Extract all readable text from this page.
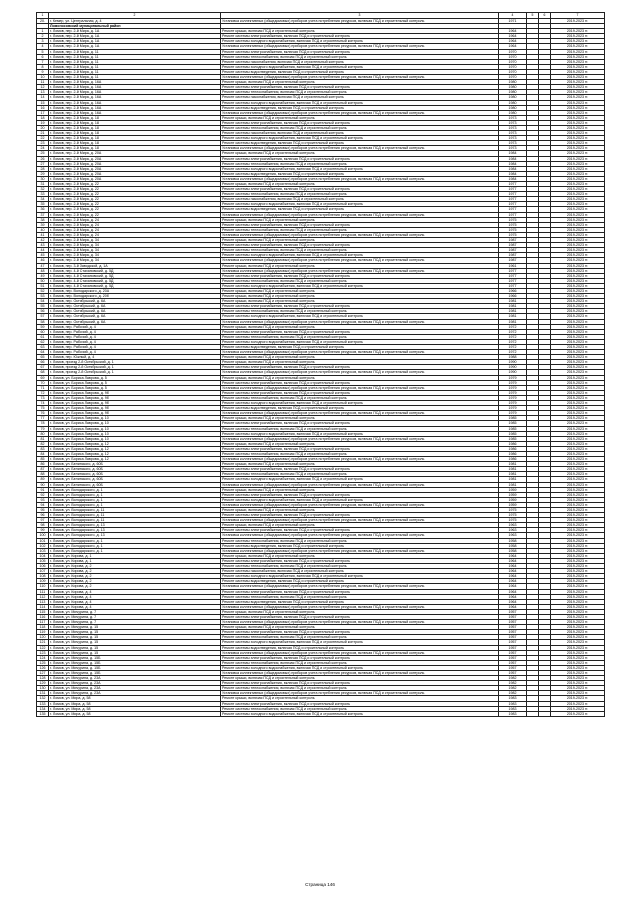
1	2	3	4	5	6	7
20.	г. Кемер, ул. Центральная, д. 4	Установка коллективных (общедомовых) приборов учета потребления ресурсов, включая ПСД и строительный контроль	1971			2019-2023 гг.
	Ломоносовский муниципальный район					
1	г. Ломов, пер. 2-й Мира, д. 1А	Ремонт крыши, включая ПСД и строительный контроль	1964			2019-2023 гг.
2	г. Ломов, пер. 2-й Мира, д. 1А	Ремонт системы электроснабжения, включая ПСД и строительный контроль	1964			2019-2023 гг.
3	г. Ломов, пер. 2-й Мира, д. 1А	Ремонт системы холодного водоснабжения, включая ПСД и строительный контроль	1964			2019-2023 гг.
4	г. Ломов, пер. 2-й Мира, д. 1А	Установка коллективных (общедомовых) приборов учета потребления ресурсов, включая ПСД и строительный контроль	1964			2019-2023 гг.
5	г. Ломов, пер. 2-й Мира, д. 11	Ремонт системы электроснабжения, включая ПСД и строительный контроль	1970			2019-2023 гг.
6	г. Ломов, пер. 2-й Мира, д. 11	Ремонт системы теплоснабжения, включая ПСД и строительный контроль	1970			2019-2023 гг.
7	г. Ломов, пер. 2-й Мира, д. 11	Ремонт системы газоснабжения, включая ПСД и строительный контроль	1970			2019-2023 гг.
8	г. Ломов, пер. 2-й Мира, д. 11	Ремонт системы холодного водоснабжения, включая ПСД и строительный контроль	1970			2019-2023 гг.
9	г. Ломов, пер. 2-й Мира, д. 11	Ремонт системы водоотведения, включая ПСД и строительный контроль	1970			2019-2023 гг.
10	г. Ломов, пер. 2-й Мира, д. 11	Установка коллективных (общедомовых) приборов учета потребления ресурсов, включая ПСД и строительный контроль	1970			2019-2023 гг.
11	г. Ломов, пер. 2-й Мира, д. 16А	Ремонт крыши, включая ПСД и строительный контроль	1980			2019-2023 гг.
12	г. Ломов, пер. 2-й Мира, д. 16А	Ремонт системы электроснабжения, включая ПСД и строительный контроль	1980			2019-2023 гг.
13	г. Ломов, пер. 2-й Мира, д. 16А	Ремонт системы теплоснабжения, включая ПСД и строительный контроль	1980			2019-2023 гг.
14	г. Ломов, пер. 2-й Мира, д. 16А	Ремонт системы газоснабжения, включая ПСД и строительный контроль	1980			2019-2023 гг.
15	г. Ломов, пер. 2-й Мира, д. 16А	Ремонт системы холодного водоснабжения, включая ПСД и строительный контроль	1980			2019-2023 гг.
16	г. Ломов, пер. 2-й Мира, д. 16А	Ремонт системы водоотведения, включая ПСД и строительный контроль	1980			2019-2023 гг.
17	г. Ломов, пер. 2-й Мира, д. 16А	Установка коллективных (общедомовых) приборов учета потребления ресурсов, включая ПСД и строительный контроль	1980			2019-2023 гг.
18	г. Ломов, пер. 2-й Мира, д. 18	Ремонт крыши, включая ПСД и строительный контроль	1973			2019-2023 гг.
19	г. Ломов, пер. 2-й Мира, д. 18	Ремонт системы электроснабжения, включая ПСД и строительный контроль	1973			2019-2023 гг.
20	г. Ломов, пер. 2-й Мира, д. 18	Ремонт системы теплоснабжения, включая ПСД и строительный контроль	1973			2019-2023 гг.
21	г. Ломов, пер. 2-й Мира, д. 18	Ремонт системы газоснабжения, включая ПСД и строительный контроль	1973			2019-2023 гг.
22	г. Ломов, пер. 2-й Мира, д. 18	Ремонт системы холодного водоснабжения, включая ПСД и строительный контроль	1973			2019-2023 гг.
23	г. Ломов, пер. 2-й Мира, д. 18	Ремонт системы водоотведения, включая ПСД и строительный контроль	1973			2019-2023 гг.
24	г. Ломов, пер. 2-й Мира, д. 18	Установка коллективных (общедомовых) приборов учета потребления ресурсов, включая ПСД и строительный контроль	1973			2019-2023 гг.
25	г. Ломов, пер. 2-й Мира, д. 20А	Ремонт крыши, включая ПСД и строительный контроль	1984			2019-2023 гг.
26	г. Ломов, пер. 2-й Мира, д. 20А	Ремонт системы электроснабжения, включая ПСД и строительный контроль	1984			2019-2023 гг.
27	г. Ломов, пер. 2-й Мира, д. 20А	Ремонт системы теплоснабжения, включая ПСД и строительный контроль	1984			2019-2023 гг.
28	г. Ломов, пер. 2-й Мира, д. 20А	Ремонт системы холодного водоснабжения, включая ПСД и строительный контроль	1984			2019-2023 гг.
29	г. Ломов, пер. 2-й Мира, д. 20А	Ремонт системы водоотведения, включая ПСД и строительный контроль	1984			2019-2023 гг.
30	г. Ломов, пер. 2-й Мира, д. 20А	Установка коллективных (общедомовых) приборов учета потребления ресурсов, включая ПСД и строительный контроль	1984			2019-2023 гг.
31	г. Ломов, пер. 2-й Мира, д. 22	Ремонт крыши, включая ПСД и строительный контроль	1977			2019-2023 гг.
32	г. Ломов, пер. 2-й Мира, д. 22	Ремонт системы электроснабжения, включая ПСД и строительный контроль	1977			2019-2023 гг.
33	г. Ломов, пер. 2-й Мира, д. 22	Ремонт системы теплоснабжения, включая ПСД и строительный контроль	1977			2019-2023 гг.
34	г. Ломов, пер. 2-й Мира, д. 22	Ремонт системы газоснабжения, включая ПСД и строительный контроль	1977			2019-2023 гг.
35	г. Ломов, пер. 2-й Мира, д. 22	Ремонт системы холодного водоснабжения, включая ПСД и строительный контроль	1977			2019-2023 гг.
36	г. Ломов, пер. 2-й Мира, д. 22	Ремонт системы водоотведения, включая ПСД и строительный контроль	1977			2019-2023 гг.
37	г. Ломов, пер. 2-й Мира, д. 22	Установка коллективных (общедомовых) приборов учета потребления ресурсов, включая ПСД и строительный контроль	1977			2019-2023 гг.
38	г. Ломов, пер. 2-й Мира, д. 24	Ремонт крыши, включая ПСД и строительный контроль	1975			2019-2023 гг.
39	г. Ломов, пер. 2-й Мира, д. 24	Ремонт системы электроснабжения, включая ПСД и строительный контроль	1975			2019-2023 гг.
40	г. Ломов, пер. 2-й Мира, д. 24	Ремонт системы теплоснабжения, включая ПСД и строительный контроль	1975			2019-2023 гг.
41	г. Ломов, пер. 2-й Мира, д. 24	Установка коллективных (общедомовых) приборов учета потребления ресурсов, включая ПСД и строительный контроль	1975			2019-2023 гг.
42	г. Ломов, пер. 2-й Мира, д. 34	Ремонт крыши, включая ПСД и строительный контроль	1987			2019-2023 гг.
43	г. Ломов, пер. 2-й Мира, д. 34	Ремонт системы электроснабжения, включая ПСД и строительный контроль	1987			2019-2023 гг.
44	г. Ломов, пер. 2-й Мира, д. 34	Ремонт системы теплоснабжения, включая ПСД и строительный контроль	1987			2019-2023 гг.
45	г. Ломов, пер. 2-й Мира, д. 34	Ремонт системы холодного водоснабжения, включая ПСД и строительный контроль	1987			2019-2023 гг.
46	г. Ломов, пер. 2-й Мира, д. 34	Установка коллективных (общедомовых) приборов учета потребления ресурсов, включая ПСД и строительный контроль	1987			2019-2023 гг.
47	г. Ломов, пер. 3-й Заводской, д. 1А	Ремонт крыши, включая ПСД и строительный контроль	1961			2019-2023 гг.
48	г. Ломов, пер. 4-й Стахановский, д. 5Д	Установка коллективных (общедомовых) приборов учета потребления ресурсов, включая ПСД и строительный контроль	1977			2019-2023 гг.
49	г. Ломов, пер. 4-й Стахановский, д. 5Д	Ремонт системы электроснабжения, включая ПСД и строительный контроль	1977			2019-2023 гг.
50	г. Ломов, пер. 4-й Стахановский, д. 5Д	Ремонт системы теплоснабжения, включая ПСД и строительный контроль	1977			2019-2023 гг.
51	г. Ломов, пер. 4-й Стахановский, д. 5Д	Ремонт системы холодного водоснабжения, включая ПСД и строительный контроль	1977			2019-2023 гг.
52	г. Ломов, пер. Володарского, д. 20А	Ремонт крыши, включая ПСД и строительный контроль	1966			2019-2023 гг.
53	г. Ломов, пер. Володарского, д. 20б	Ремонт крыши, включая ПСД и строительный контроль	1966			2019-2023 гг.
54	г. Ломов, пер. Октябрьский, д. 6А	Ремонт крыши, включая ПСД и строительный контроль	1981			2019-2023 гг.
55	г. Ломов, пер. Октябрьский, д. 6А	Ремонт системы электроснабжения, включая ПСД и строительный контроль	1981			2019-2023 гг.
56	г. Ломов, пер. Октябрьский, д. 6А	Ремонт системы теплоснабжения, включая ПСД и строительный контроль	1981			2019-2023 гг.
57	г. Ломов, пер. Октябрьский, д. 6А	Ремонт системы холодного водоснабжения, включая ПСД и строительный контроль	1981			2019-2023 гг.
58	г. Ломов, пер. Октябрьский, д. 6А	Установка коллективных (общедомовых) приборов учета потребления ресурсов, включая ПСД и строительный контроль	1981			2019-2023 гг.
59	г. Ломов, пер. Рабочий, д. 4	Ремонт крыши, включая ПСД и строительный контроль	1972			2019-2023 гг.
60	г. Ломов, пер. Рабочий, д. 4	Ремонт системы электроснабжения, включая ПСД и строительный контроль	1972			2019-2023 гг.
61	г. Ломов, пер. Рабочий, д. 4	Ремонт системы теплоснабжения, включая ПСД и строительный контроль	1972			2019-2023 гг.
62	г. Ломов, пер. Рабочий, д. 4	Ремонт системы холодного водоснабжения, включая ПСД и строительный контроль	1972			2019-2023 гг.
63	г. Ломов, пер. Рабочий, д. 4	Ремонт системы водоотведения, включая ПСД и строительный контроль	1972			2019-2023 гг.
64	г. Ломов, пер. Рабочий, д. 4	Установка коллективных (общедомовых) приборов учета потребления ресурсов, включая ПСД и строительный контроль	1972			2019-2023 гг.
65	г. Ломов, пер. Южный, д. 4	Ремонт крыши, включая ПСД и строительный контроль	1988			2019-2023 гг.
66	г. Ломов, проезд 2-й Октябрьский, д. 1	Ремонт крыши, включая ПСД и строительный контроль	1990			2019-2023 гг.
67	г. Ломов, проезд 2-й Октябрьский, д. 1	Ремонт системы электроснабжения, включая ПСД и строительный контроль	1990			2019-2023 гг.
68	г. Ломов, проезд 2-й Октябрьский, д. 1	Установка коллективных (общедомовых) приборов учета потребления ресурсов, включая ПСД и строительный контроль	1990			2019-2023 гг.
69	г. Ломов, ул. Бориса Лаврова, д. 5	Ремонт крыши, включая ПСД и строительный контроль	1979			2019-2023 гг.
70	г. Ломов, ул. Бориса Лаврова, д. 5	Ремонт системы электроснабжения, включая ПСД и строительный контроль	1979			2019-2023 гг.
71	г. Ломов, ул. Бориса Лаврова, д. 5	Установка коллективных (общедомовых) приборов учета потребления ресурсов, включая ПСД и строительный контроль	1979			2019-2023 гг.
72	г. Ломов, ул. Бориса Лаврова, д. 9б	Ремонт системы электроснабжения, включая ПСД и строительный контроль	1979			2019-2023 гг.
73	г. Ломов, ул. Бориса Лаврова, д. 9б	Ремонт системы теплоснабжения, включая ПСД и строительный контроль	1979			2019-2023 гг.
74	г. Ломов, ул. Бориса Лаврова, д. 9б	Ремонт системы холодного водоснабжения, включая ПСД и строительный контроль	1979			2019-2023 гг.
75	г. Ломов, ул. Бориса Лаврова, д. 9б	Ремонт системы водоотведения, включая ПСД и строительный контроль	1979			2019-2023 гг.
76	г. Ломов, ул. Бориса Лаврова, д. 9б	Установка коллективных (общедомовых) приборов учета потребления ресурсов, включая ПСД и строительный контроль	1979			2019-2023 гг.
77	г. Ломов, ул. Бориса Лаврова, д. 10	Ремонт крыши, включая ПСД и строительный контроль	1985			2019-2023 гг.
78	г. Ломов, ул. Бориса Лаврова, д. 10	Ремонт системы электроснабжения, включая ПСД и строительный контроль	1985			2019-2023 гг.
79	г. Ломов, ул. Бориса Лаврова, д. 10	Ремонт системы теплоснабжения, включая ПСД и строительный контроль	1985			2019-2023 гг.
80	г. Ломов, ул. Бориса Лаврова, д. 10	Ремонт системы холодного водоснабжения, включая ПСД и строительный контроль	1985			2019-2023 гг.
81	г. Ломов, ул. Бориса Лаврова, д. 10	Установка коллективных (общедомовых) приборов учета потребления ресурсов, включая ПСД и строительный контроль	1985			2019-2023 гг.
82	г. Ломов, ул. Бориса Лаврова, д. 12	Ремонт крыши, включая ПСД и строительный контроль	1986			2019-2023 гг.
83	г. Ломов, ул. Бориса Лаврова, д. 12	Ремонт системы электроснабжения, включая ПСД и строительный контроль	1986			2019-2023 гг.
84	г. Ломов, ул. Бориса Лаврова, д. 12	Ремонт системы теплоснабжения, включая ПСД и строительный контроль	1986			2019-2023 гг.
85	г. Ломов, ул. Бориса Лаврова, д. 12	Установка коллективных (общедомовых) приборов учета потребления ресурсов, включая ПСД и строительный контроль	1986			2019-2023 гг.
86	г. Ломов, ул. Белинского, д. 60Б	Ремонт крыши, включая ПСД и строительный контроль	1981			2019-2023 гг.
87	г. Ломов, ул. Белинского, д. 60Б	Ремонт системы электроснабжения, включая ПСД и строительный контроль	1981			2019-2023 гг.
88	г. Ломов, ул. Белинского, д. 60Б	Ремонт системы теплоснабжения, включая ПСД и строительный контроль	1981			2019-2023 гг.
89	г. Ломов, ул. Белинского, д. 60Б	Ремонт системы холодного водоснабжения, включая ПСД и строительный контроль	1981			2019-2023 гг.
90	г. Ломов, ул. Белинского, д. 60Б	Установка коллективных (общедомовых) приборов учета потребления ресурсов, включая ПСД и строительный контроль	1981			2019-2023 гг.
91	г. Ломов, ул. Володарского, д. 1	Ремонт крыши, включая ПСД и строительный контроль	1959			2019-2023 гг.
92	г. Ломов, ул. Володарского, д. 1	Ремонт системы электроснабжения, включая ПСД и строительный контроль	1959			2019-2023 гг.
93	г. Ломов, ул. Володарского, д. 1	Ремонт системы холодного водоснабжения, включая ПСД и строительный контроль	1959			2019-2023 гг.
94	г. Ломов, ул. Володарского, д. 1	Установка коллективных (общедомовых) приборов учета потребления ресурсов, включая ПСД и строительный контроль	1959			2019-2023 гг.
95	г. Ломов, ул. Володарского, д. 11	Ремонт крыши, включая ПСД и строительный контроль	1975			2019-2023 гг.
96	г. Ломов, ул. Володарского, д. 11	Ремонт системы электроснабжения, включая ПСД и строительный контроль	1975			2019-2023 гг.
97	г. Ломов, ул. Володарского, д. 11	Установка коллективных (общедомовых) приборов учета потребления ресурсов, включая ПСД и строительный контроль	1975			2019-2023 гг.
98	г. Ломов, ул. Володарского, д. 13	Ремонт крыши, включая ПСД и строительный контроль	1963			2019-2023 гг.
99	г. Ломов, ул. Володарского, д. 13	Ремонт системы электроснабжения, включая ПСД и строительный контроль	1963			2019-2023 гг.
100	г. Ломов, ул. Володарского, д. 13	Установка коллективных (общедомовых) приборов учета потребления ресурсов, включая ПСД и строительный контроль	1963			2019-2023 гг.
101	г. Ломов, ул. Володарского, д. 1	Ремонт системы теплоснабжения, включая ПСД и строительный контроль	1958			2019-2023 гг.
102	г. Ломов, ул. Володарского, д. 1	Ремонт системы водоотведения, включая ПСД и строительный контроль	1958			2019-2023 гг.
103	г. Ломов, ул. Володарского, д. 1	Установка коллективных (общедомовых) приборов учета потребления ресурсов, включая ПСД и строительный контроль	1958			2019-2023 гг.
104	г. Ломов, ул. Кирова, д. 1	Ремонт крыши, включая ПСД и строительный контроль	1964			2019-2023 гг.
105	г. Ломов, ул. Кирова, д. 1	Ремонт системы электроснабжения, включая ПСД и строительный контроль	1964			2019-2023 гг.
106	г. Ломов, ул. Кирова, д. 2	Ремонт системы теплоснабжения, включая ПСД и строительный контроль	1964			2019-2023 гг.
107	г. Ломов, ул. Кирова, д. 2	Ремонт системы газоснабжения, включая ПСД и строительный контроль	1964			2019-2023 гг.
108	г. Ломов, ул. Кирова, д. 2	Ремонт системы холодного водоснабжения, включая ПСД и строительный контроль	1964			2019-2023 гг.
109	г. Ломов, ул. Кирова, д. 2	Ремонт системы водоотведения, включая ПСД и строительный контроль	1964			2019-2023 гг.
110	г. Ломов, ул. Кирова, д. 2	Установка коллективных (общедомовых) приборов учета потребления ресурсов, включая ПСД и строительный контроль	1964			2019-2023 гг.
111	г. Ломов, ул. Кирова, д. 4	Ремонт системы электроснабжения, включая ПСД и строительный контроль	1964			2019-2023 гг.
112	г. Ломов, ул. Кирова, д. 4	Ремонт системы теплоснабжения, включая ПСД и строительный контроль	1964			2019-2023 гг.
113	г. Ломов, ул. Кирова, д. 4	Ремонт системы водоотведения, включая ПСД и строительный контроль	1964			2019-2023 гг.
114	г. Ломов, ул. Кирова, д. 4	Установка коллективных (общедомовых) приборов учета потребления ресурсов, включая ПСД и строительный контроль	1964			2019-2023 гг.
115	г. Ломов, ул. Мичурина, д. 7	Ремонт крыши, включая ПСД и строительный контроль	1957			2019-2023 гг.
116	г. Ломов, ул. Мичурина, д. 7	Ремонт системы электроснабжения, включая ПСД и строительный контроль	1957			2019-2023 гг.
117	г. Ломов, ул. Мичурина, д. 7	Установка коллективных (общедомовых) приборов учета потребления ресурсов, включая ПСД и строительный контроль	1957			2019-2023 гг.
118	г. Ломов, ул. Мичурина, д. 15	Ремонт крыши, включая ПСД и строительный контроль	1957			2019-2023 гг.
119	г. Ломов, ул. Мичурина, д. 15	Ремонт системы электроснабжения, включая ПСД и строительный контроль	1957			2019-2023 гг.
120	г. Ломов, ул. Мичурина, д. 15	Ремонт системы теплоснабжения, включая ПСД и строительный контроль	1957			2019-2023 гг.
121	г. Ломов, ул. Мичурина, д. 15	Ремонт системы холодного водоснабжения, включая ПСД и строительный контроль	1957			2019-2023 гг.
122	г. Ломов, ул. Мичурина, д. 15	Ремонт системы водоотведения, включая ПСД и строительный контроль	1957			2019-2023 гг.
123	г. Ломов, ул. Мичурина, д. 15	Установка коллективных (общедомовых) приборов учета потребления ресурсов, включая ПСД и строительный контроль	1957			2019-2023 гг.
124	г. Ломов, ул. Мичурина, д. 15Б	Ремонт системы электроснабжения, включая ПСД и строительный контроль	1957			2019-2023 гг.
125	г. Ломов, ул. Мичурина, д. 15Б	Ремонт системы теплоснабжения, включая ПСД и строительный контроль	1957			2019-2023 гг.
126	г. Ломов, ул. Мичурина, д. 15Б	Ремонт системы холодного водоснабжения, включая ПСД и строительный контроль	1957			2019-2023 гг.
127	г. Ломов, ул. Мичурина, д. 15Б	Установка коллективных (общедомовых) приборов учета потребления ресурсов, включая ПСД и строительный контроль	1957			2019-2023 гг.
128	г. Ломов, ул. Мичурина, д. 23А	Ремонт крыши, включая ПСД и строительный контроль	1982			2019-2023 гг.
129	г. Ломов, ул. Мичурина, д. 23А	Ремонт системы электроснабжения, включая ПСД и строительный контроль	1982			2019-2023 гг.
130	г. Ломов, ул. Мичурина, д. 23А	Ремонт системы теплоснабжения, включая ПСД и строительный контроль	1982			2019-2023 гг.
131	г. Ломов, ул. Мичурина, д. 23А	Установка коллективных (общедомовых) приборов учета потребления ресурсов, включая ПСД и строительный контроль	1982			2019-2023 гг.
132	г. Ломов, ул. Мира, д. 58	Ремонт крыши, включая ПСД и строительный контроль	1983			2019-2023 гг.
133	г. Ломов, ул. Мира, д. 58	Ремонт системы электроснабжения, включая ПСД и строительный контроль	1983			2019-2023 гг.
134	г. Ломов, ул. Мира, д. 58	Ремонт системы теплоснабжения, включая ПСД и строительный контроль	1983			2019-2023 гг.
135	г. Ломов, ул. Мира, д. 58	Ремонт системы холодного водоснабжения, включая ПСД и строительный контроль	1983			2019-2023 гг.
Страница 146
